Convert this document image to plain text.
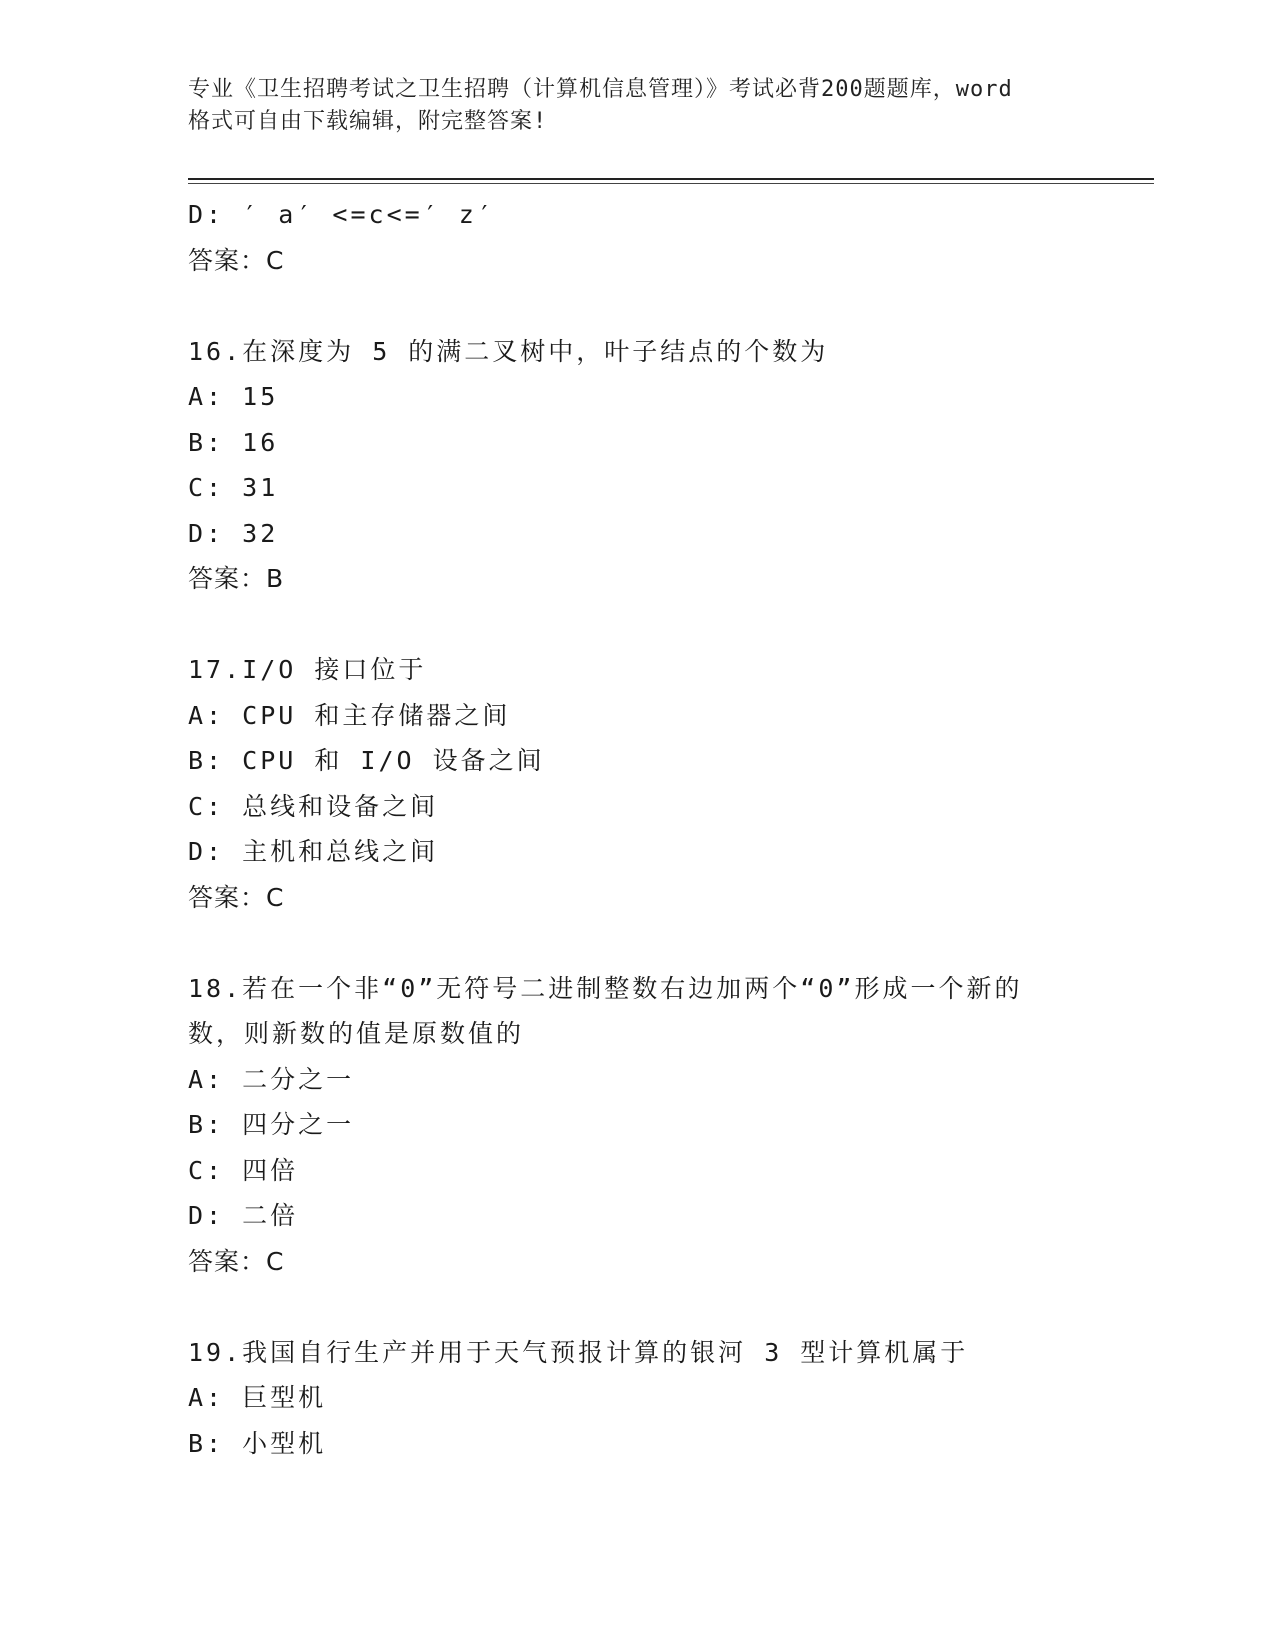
专业《卫生招聘考试之卫生招聘（计算机信息管理）》考试必背200题题库，word
格式可自由下载编辑，附完整答案!
D: ′ a′ <=c<=′ z′
答案：C
16.在深度为 5 的满二叉树中，叶子结点的个数为
A: 15
B: 16
C: 31
D: 32
答案：B
17.I/O 接口位于
A: CPU 和主存储器之间
B: CPU 和 I/O 设备之间
C: 总线和设备之间
D: 主机和总线之间
答案：C
18.若在一个非“0”无符号二进制整数右边加两个“0”形成一个新的
数，则新数的值是原数值的
A: 二分之一
B: 四分之一
C: 四倍
D: 二倍
答案：C
19.我国自行生产并用于天气预报计算的银河 3 型计算机属于
A: 巨型机
B: 小型机
